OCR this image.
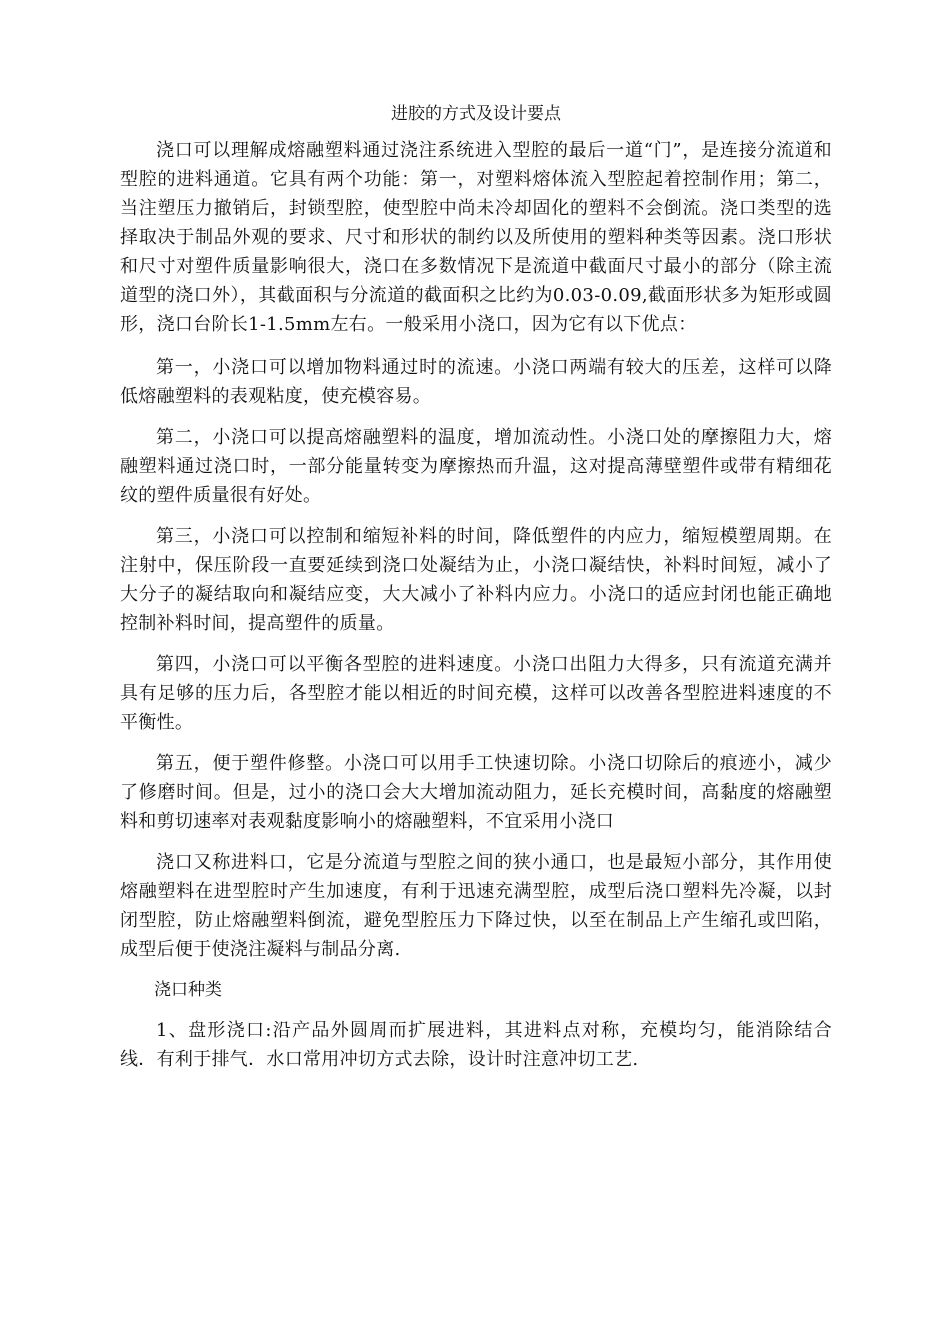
进胶的方式及设计要点

浇口可以理解成熔融塑料通过浇注系统进入型腔的最后一道“门”，是连接分流道和型腔的进料通道。它具有两个功能：第一，对塑料熔体流入型腔起着控制作用；第二，当注塑压力撤销后，封锁型腔，使型腔中尚未冷却固化的塑料不会倒流。浇口类型的选择取决于制品外观的要求、尺寸和形状的制约以及所使用的塑料种类等因素。浇口形状和尺寸对塑件质量影响很大，浇口在多数情况下是流道中截面尺寸最小的部分（除主流道型的浇口外），其截面积与分流道的截面积之比约为0.03-0.09,截面形状多为矩形或圆形，浇口台阶长1-1.5mm左右。一般采用小浇口，因为它有以下优点：

第一，小浇口可以增加物料通过时的流速。小浇口两端有较大的压差，这样可以降低熔融塑料的表观粘度，使充模容易。

第二，小浇口可以提高熔融塑料的温度，增加流动性。小浇口处的摩擦阻力大，熔融塑料通过浇口时，一部分能量转变为摩擦热而升温，这对提高薄壁塑件或带有精细花纹的塑件质量很有好处。

第三，小浇口可以控制和缩短补料的时间，降低塑件的内应力，缩短模塑周期。在注射中，保压阶段一直要延续到浇口处凝结为止，小浇口凝结快，补料时间短，减小了大分子的凝结取向和凝结应变，大大减小了补料内应力。小浇口的适应封闭也能正确地控制补料时间，提高塑件的质量。

第四，小浇口可以平衡各型腔的进料速度。小浇口出阻力大得多，只有流道充满并具有足够的压力后，各型腔才能以相近的时间充模，这样可以改善各型腔进料速度的不平衡性。

第五，便于塑件修整。小浇口可以用手工快速切除。小浇口切除后的痕迹小，减少了修磨时间。但是，过小的浇口会大大增加流动阻力，延长充模时间，高黏度的熔融塑料和剪切速率对表观黏度影响小的熔融塑料，不宜采用小浇口

浇口又称进料口，它是分流道与型腔之间的狭小通口，也是最短小部分，其作用使熔融塑料在进型腔时产生加速度，有利于迅速充满型腔，成型后浇口塑料先冷凝，以封闭型腔，防止熔融塑料倒流，避免型腔压力下降过快，以至在制品上产生缩孔或凹陷，成型后便于使浇注凝料与制品分离.

浇口种类

1、盘形浇口:沿产品外圆周而扩展进料，其进料点对称，充模均匀，能消除结合线．有利于排气．水口常用冲切方式去除，设计时注意冲切工艺.
